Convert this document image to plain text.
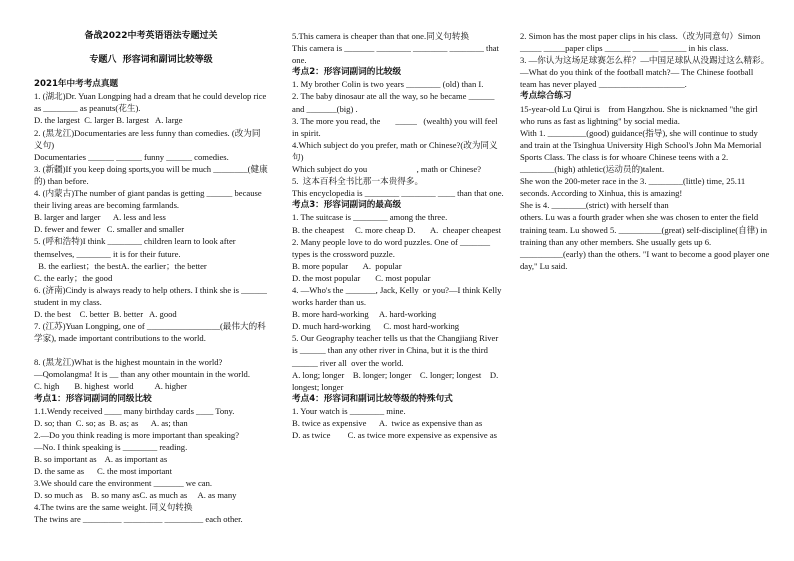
备战2022中考英语语法专题过关
专题八  形容词和副词比较等级
2021年中考考点真题
1. (湖北)Dr. Yuan Longping had a dream that he could develop rice as ________ as peanuts(花生).
D. the largest  C. larger B. largest   A. large
2. (黑龙江)Documentaries are less funny than comedies. (改为同义句)
Documentaries ______ ______ funny ______ comedies.
3. (新疆)If you keep doing sports,you will be much ________(健康的) than before.
4. (内蒙古)The number of giant pandas is getting ______ because their living areas are becoming farmlands.
B. larger and larger      A. less and less
D. fewer and fewer   C. smaller and smaller
5. (呼和浩特)I think ________ children learn to look after themselves, ________ it is for their future.
B. the earliest；the bestA. the earlier；the better
C. the early；the good
6. (济南)Cindy is always ready to help others. I think she is ______ student in my class.
D. the best    C. better  B. better   A. good
7. (江苏)Yuan Longping, one of _________________(最伟大的科学家), made important contributions to the world.
8. (黑龙江)What is the highest mountain in the world?
—Qomolangma! It is __ than any other mountain in the world.
C. high       B. highest  world          A. higher
考点1：形容词副词的同级比较
1.1.Wendy received ____ many birthday cards ____ Tony.
D. so; than  C. so; as  B. as; as      A. as; than
2.—Do you think reading is more important than speaking?
—No. I think speaking is ________ reading.
B. so important as    A. as important as
D. the same as      C. the most important
3.We should care the environment _______ we can.
D. so much as    B. so many asC. as much as     A. as many
4.The twins are the same weight. 同义句转换
The twins are _________ _________ _________ each other.
5.This camera is cheaper than that one.同义句转换
This camera is _______ ________ ________ ________ that one.
考点2：形容词副词的比较级
1. My brother Colin is two years ________ (old) than I.
2. The baby dinosaur ate all the way, so he became ______ and _______(big) .
3. The more you read, the       _____   (wealth) you will feel in spirit.
4.Which subject do you prefer, math or Chinese?(改为同义句)
Which subject do you                       , math or Chinese?
5.  这本百科全书比那一本贵得多。
This encyclopedia is ________ ________ ____ than that one.
考点3：形容词副词的最高级
1. The suitcase is ________ among the three.
B. the cheapest     C. more cheap D.       A.  cheaper cheapest
2. Many people love to do word puzzles. One of _______ types is the crossword puzzle.
B. more popular       A.  popular
D. the most popular       C. most popular
4. —Who's the _______, Jack, Kelly  or you?—I think Kelly  works harder than us.
B. more hard-working     A. hard-working
D. much hard-working      C. most hard-working
5. Our Geography teacher tells us that the Changjiang River is ______ than any other river in China, but it is the third ______ river all  over the world.
A. long; longer    B. longer; longer    C. longer; longest    D. longest; longer
考点4：形容词和副词比较等级的特殊句式
1. Your watch is ________ mine.
B. twice as expensive      A.  twice as expensive than as
D. as twice        C. as twice more expensive as expensive as
2. Simon has the most paper clips in his class.（改为同意句）Simon _____ _____paper clips ______ ______ ______ in his class.
3. —你认为这场足球赛怎么样？—中国足球队从没踢过这么精彩。
—What do you think of the football match?— The Chinese football team has never played ____________________.
考点综合练习
15-year-old Lu Qirui is    from Hangzhou. She is nicknamed "the girl who runs as fast as lightning" by social media.
With 1. _________(good) guidance(指导), she will continue to study and train at the Tsinghua University High School's John Ma Memorial Sports Class. The class is for whoare Chinese teens with a 2. ________(high) athletic(运动员的)talent.
She won the 200-meter race in the 3. ________(little) time, 25.11 seconds. According to Xinhua, this is amazing!
She is 4. ________(strict) with herself than
others. Lu was a fourth grader when she was chosen to enter the field training team. Lu showed 5. __________(great) self-discipline(自律) in training than any other members. She usually gets up 6. __________(early) than the others. "I want to become a good player one day," Lu said.
